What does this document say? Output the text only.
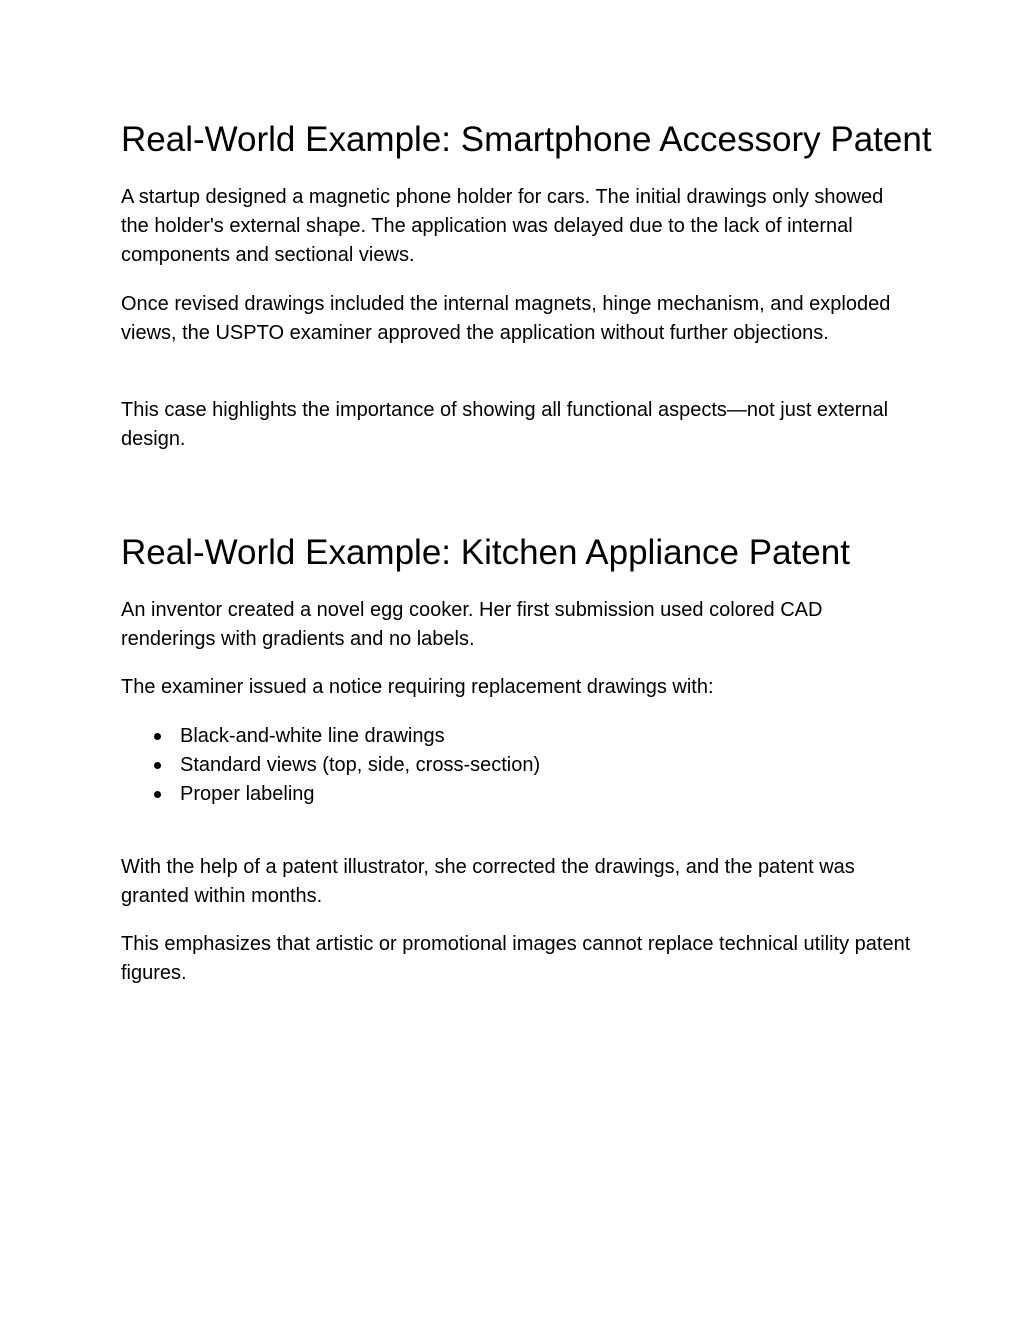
Real-World Example: Smartphone Accessory Patent

A startup designed a magnetic phone holder for cars. The initial drawings only showed the holder's external shape. The application was delayed due to the lack of internal components and sectional views.

Once revised drawings included the internal magnets, hinge mechanism, and exploded views, the USPTO examiner approved the application without further objections.

This case highlights the importance of showing all functional aspects—not just external design.

Real-World Example: Kitchen Appliance Patent

An inventor created a novel egg cooker. Her first submission used colored CAD renderings with gradients and no labels.

The examiner issued a notice requiring replacement drawings with:

Black-and-white line drawings
Standard views (top, side, cross-section)
Proper labeling

With the help of a patent illustrator, she corrected the drawings, and the patent was granted within months.

This emphasizes that artistic or promotional images cannot replace technical utility patent figures.
